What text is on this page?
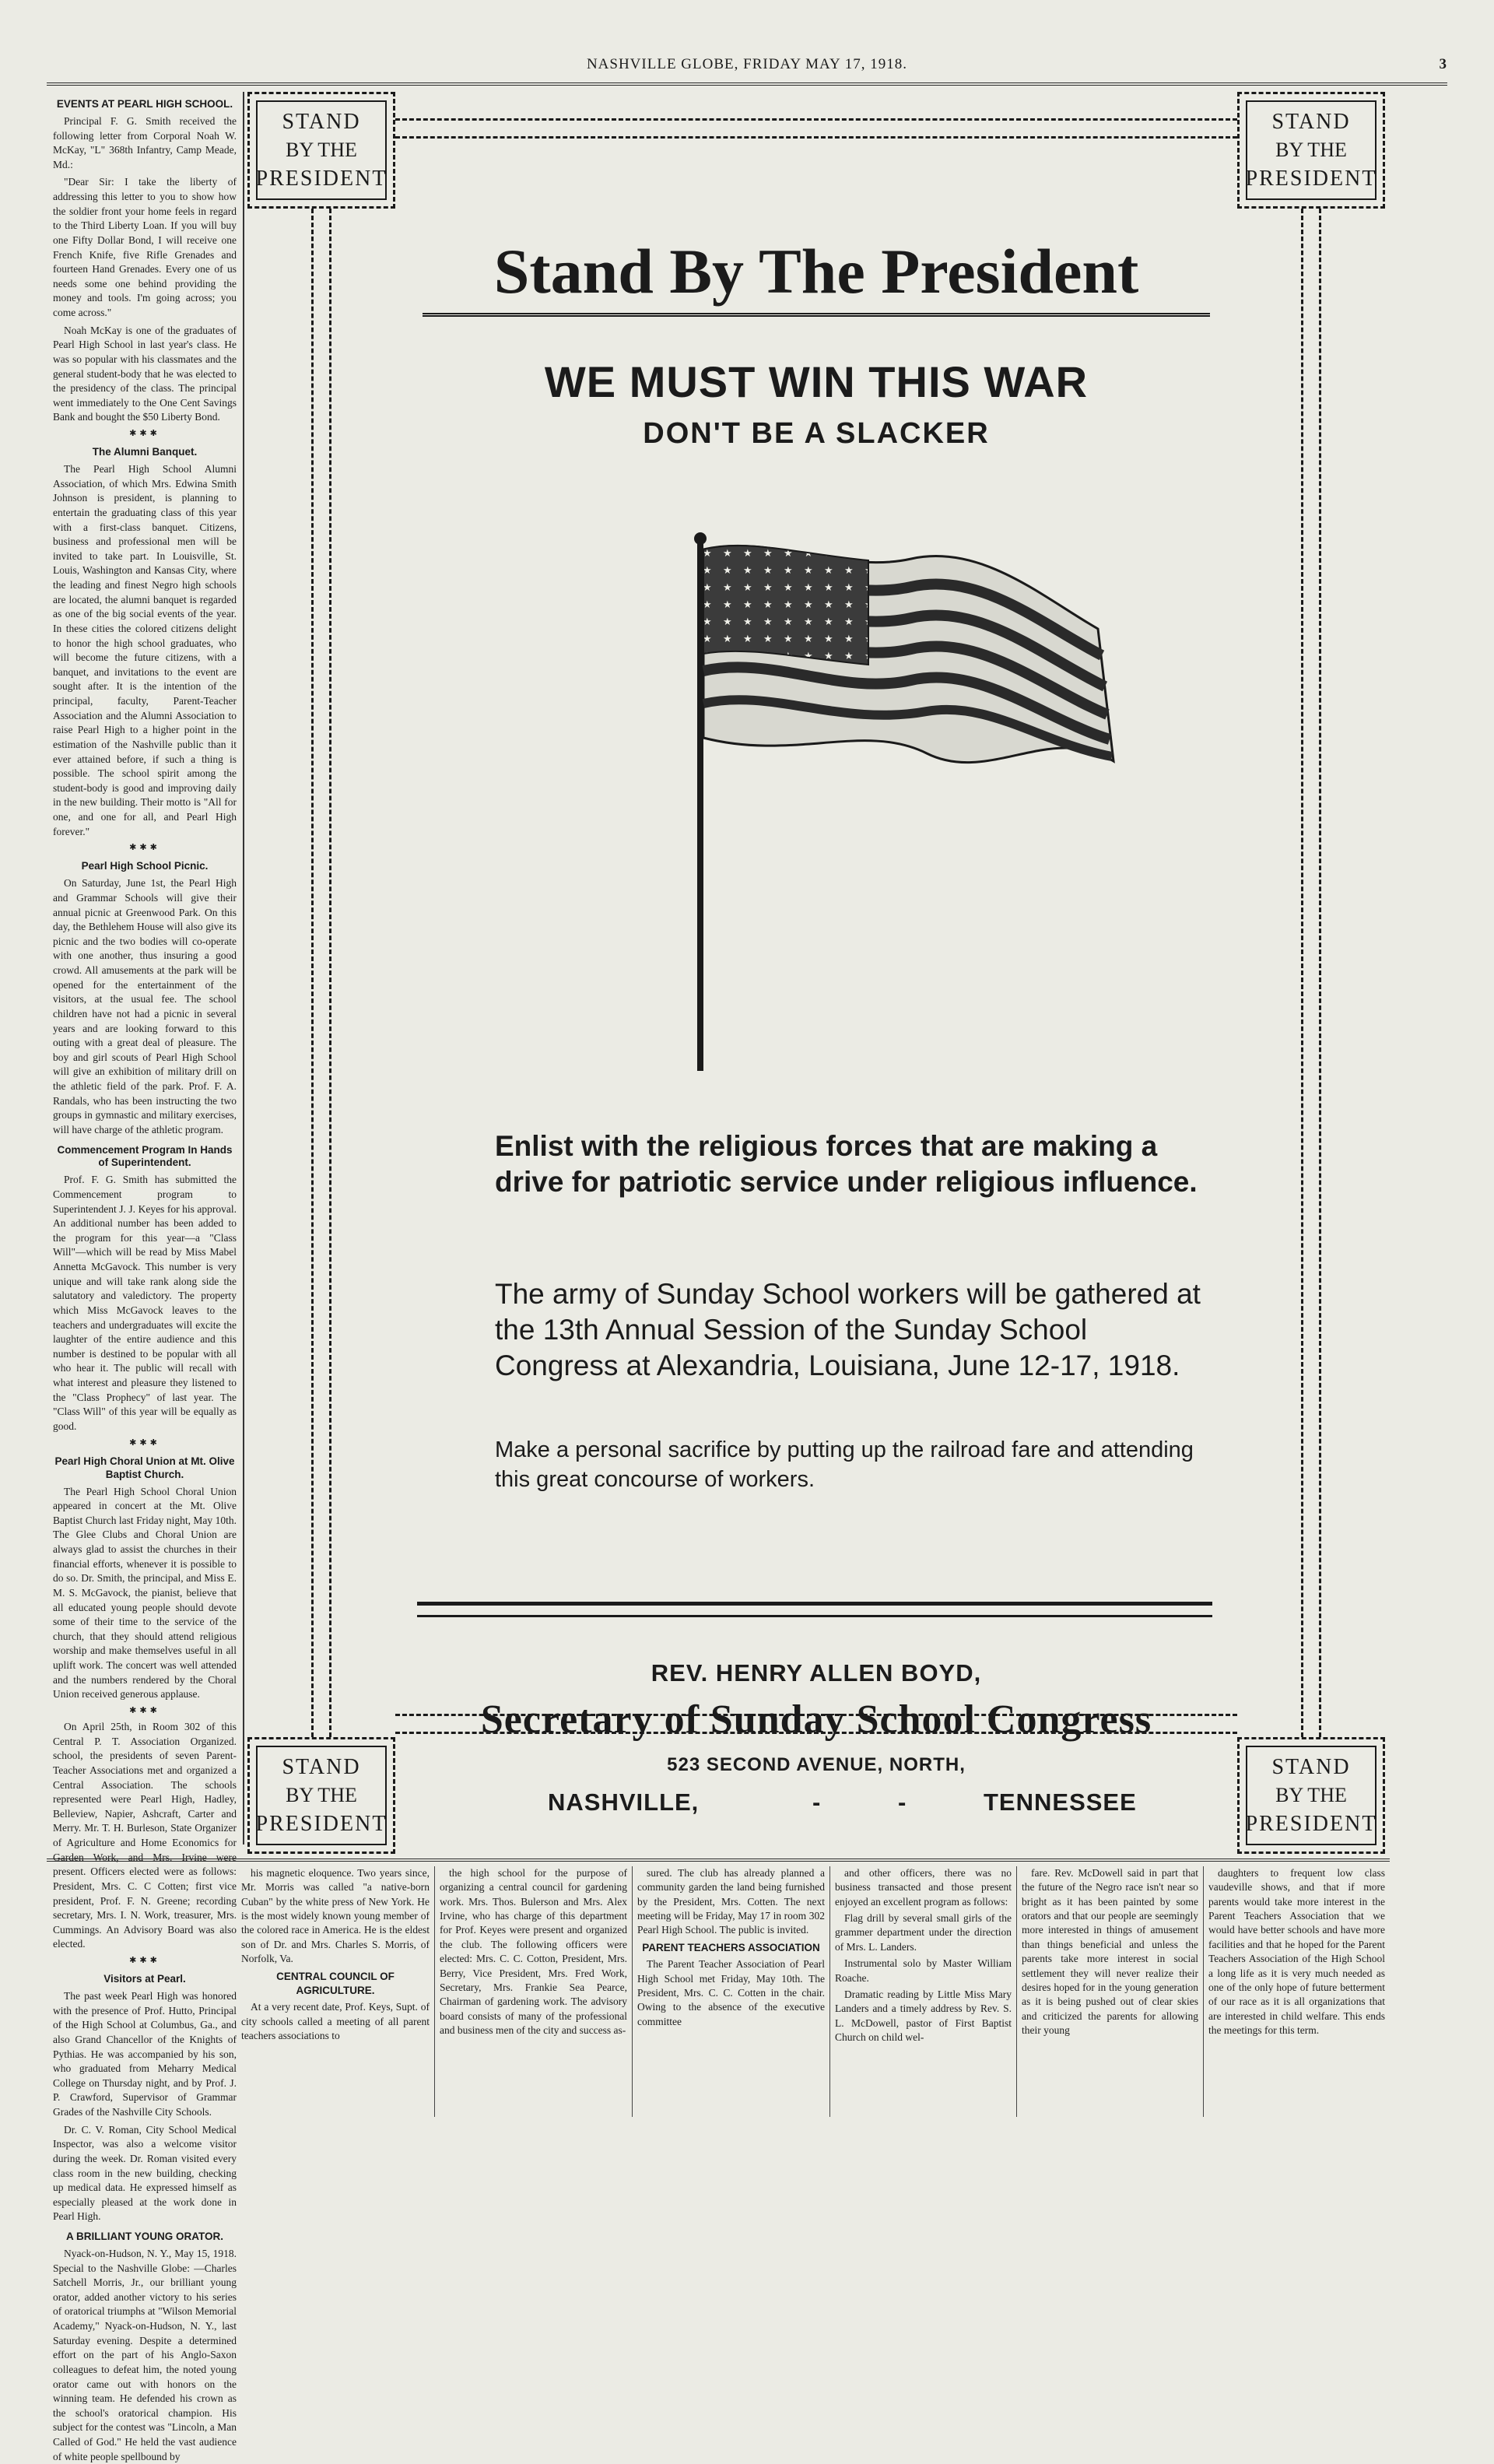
NASHVILLE GLOBE, FRIDAY MAY 17, 1918.	3
EVENTS AT PEARL HIGH SCHOOL.

Principal F. G. Smith received the following letter from Corporal Noah W. McKay, "L" 368th Infantry, Camp Meade, Md.:

"Dear Sir: I take the liberty of addressing this letter to you to show how the soldier front your home feels in regard to the Third Liberty Loan. If you will buy one Fifty Dollar Bond, I will receive one French Knife, five Rifle Grenades and fourteen Hand Grenades. Every one of us needs some one behind providing the money and tools. I'm going across; you come across."

Noah McKay is one of the graduates of Pearl High School in last year's class. He was so popular with his classmates and the general student-body that he was elected to the presidency of the class. The principal went immediately to the One Cent Savings Bank and bought the $50 Liberty Bond.

✱✱✱
The Alumni Banquet.

The Pearl High School Alumni Association, of which Mrs. Edwina Smith Johnson is president, is planning to entertain the graduating class of this year with a first-class banquet. Citizens, business and professional men will be invited to take part. In Louisville, St. Louis, Washington and Kansas City, where the leading and finest Negro high schools are located, the alumni banquet is regarded as one of the big social events of the year. In these cities the colored citizens delight to honor the high school graduates, who will become the future citizens, with a banquet, and invitations to the event are sought after. It is the intention of the principal, faculty, Parent-Teacher Association and the Alumni Association to raise Pearl High to a higher point in the estimation of the Nashville public than it ever attained before, if such a thing is possible. The school spirit among the student-body is good and improving daily in the new building. Their motto is "All for one, and one for all, and Pearl High forever."

✱✱✱
Pearl High School Picnic.

On Saturday, June 1st, the Pearl High and Grammar Schools will give their annual picnic at Greenwood Park. On this day, the Bethlehem House will also give its picnic and the two bodies will co-operate with one another, thus insuring a good crowd. All amusements at the park will be opened for the entertainment of the visitors, at the usual fee. The school children have not had a picnic in several years and are looking forward to this outing with a great deal of pleasure. The boy and girl scouts of Pearl High School will give an exhibition of military drill on the athletic field of the park. Prof. F. A. Randals, who has been instructing the two groups in gymnastic and military exercises, will have charge of the athletic program.

Commencement Program In Hands of Superintendent.

Prof. F. G. Smith has submitted the Commencement program to Superintendent J. J. Keyes for his approval. An additional number has been added to the program for this year—a "Class Will"—which will be read by Miss Mabel Annetta McGavock. This number is very unique and will take rank along side the salutatory and valedictory. The property which Miss McGavock leaves to the teachers and undergraduates will excite the laughter of the entire audience and this number is destined to be popular with all who hear it. The public will recall with what interest and pleasure they listened to the "Class Prophecy" of last year. The "Class Will" of this year will be equally as good.

✱✱✱
Pearl High Choral Union at Mt. Olive Baptist Church.

The Pearl High School Choral Union appeared in concert at the Mt. Olive Baptist Church last Friday night, May 10th. The Glee Clubs and Choral Union are always glad to assist the churches in their financial efforts, whenever it is possible to do so. Dr. Smith, the principal, and Miss E. M. S. McGavock, the pianist, believe that all educated young people should devote some of their time to the service of the church, that they should attend religious worship and make themselves useful in all uplift work. The concert was well attended and the numbers rendered by the Choral Union received generous applause.

✱✱✱

On April 25th, in Room 302 of this Central P. T. Association Organized. school, the presidents of seven Parent-Teacher Associations met and organized a Central Association. The schools represented were Pearl High, Hadley, Belleview, Napier, Ashcraft, Carter and Merry. Mr. T. H. Burleson, State Organizer of Agriculture and Home Economics for Garden Work, and Mrs. Irvine were present. Officers elected were as follows: President, Mrs. C. C Cotten; first vice president, Prof. F. N. Greene; recording secretary, Mrs. I. N. Work, treasurer, Mrs. Cummings. An Advisory Board was also elected.

✱✱✱
Visitors at Pearl.

The past week Pearl High was honored with the presence of Prof. Hutto, Principal of the High School at Columbus, Ga., and also Grand Chancellor of the Knights of Pythias. He was accompanied by his son, who graduated from Meharry Medical College on Thursday night, and by Prof. J. P. Crawford, Supervisor of Grammar Grades of the Nashville City Schools.

Dr. C. V. Roman, City School Medical Inspector, was also a welcome visitor during the week. Dr. Roman visited every class room in the new building, checking up medical data. He expressed himself as especially pleased at the work done in Pearl High.

A BRILLIANT YOUNG ORATOR.

Nyack-on-Hudson, N. Y., May 15, 1918. Special to the Nashville Globe: —Charles Satchell Morris, Jr., our brilliant young orator, added another victory to his series of oratorical triumphs at "Wilson Memorial Academy," Nyack-on-Hudson, N. Y., last Saturday evening. Despite a determined effort on the part of his Anglo-Saxon colleagues to defeat him, the noted young orator came out with honors on the winning team. He defended his crown as the school's oratorical champion. His subject for the contest was "Lincoln, a Man Called of God." He held the vast audience of white people spellbound by

STAND
BY THE
PRESIDENT
STAND
BY THE
PRESIDENT
STAND
BY THE
PRESIDENT
STAND
BY THE
PRESIDENT
Stand By The President
WE MUST WIN THIS WAR
DON'T BE A SLACKER
Enlist with the religious forces that are making a drive for patriotic service under religious influence.
The army of Sunday School workers will be gathered at the 13th Annual Session of the Sunday School Congress at Alexandria, Louisiana, June 12-17, 1918.
Make a personal sacrifice by putting up the railroad fare and attending this great concourse of workers.
REV. HENRY ALLEN BOYD,
Secretary of Sunday School Congress
523 SECOND AVENUE, NORTH,
NASHVILLE,	-	-	TENNESSEE

his magnetic eloquence. Two years since, Mr. Morris was called "a native-born Cuban" by the white press of New York. He is the most widely known young member of the colored race in America. He is the eldest son of Dr. and Mrs. Charles S. Morris, of Norfolk, Va.

CENTRAL COUNCIL OF AGRICULTURE.

At a very recent date, Prof. Keys, Supt. of city schools called a meeting of all parent teachers associations to

the high school for the purpose of organizing a central council for gardening work. Mrs. Thos. Bulerson and Mrs. Alex Irvine, who has charge of this department for Prof. Keyes were present and organized the club. The following officers were elected: Mrs. C. C. Cotton, President, Mrs. Berry, Vice President, Mrs. Fred Work, Secretary, Mrs. Frankie Sea Pearce, Chairman of gardening work. The advisory board consists of many of the professional and business men of the city and success as-

sured. The club has already planned a community garden the land being furnished by the President, Mrs. Cotten. The next meeting will be Friday, May 17 in room 302 Pearl High School. The public is invited.

PARENT TEACHERS ASSOCIATION

The Parent Teacher Association of Pearl High School met Friday, May 10th. The President, Mrs. C. C. Cotten in the chair. Owing to the absence of the executive committee

and other officers, there was no business transacted and those present enjoyed an excellent program as follows:

Flag drill by several small girls of the grammer department under the direction of Mrs. L. Landers.

Instrumental solo by Master William Roache.

Dramatic reading by Little Miss Mary Landers and a timely address by Rev. S. L. McDowell, pastor of First Baptist Church on child wel-

fare. Rev. McDowell said in part that the future of the Negro race isn't near so bright as it has been painted by some orators and that our people are seemingly more interested in things of amusement than things beneficial and unless the parents take more interest in social settlement they will never realize their desires hoped for in the young generation as it is being pushed out of clear skies and criticized the parents for allowing their young

daughters to frequent low class vaudeville shows, and that if more parents would take more interest in the Parent Teachers Association that we would have better schools and have more facilities and that he hoped for the Parent Teachers Association of the High School a long life as it is very much needed as one of the only hope of future betterment of our race as it is all organizations that are interested in child welfare. This ends the meetings for this term.
